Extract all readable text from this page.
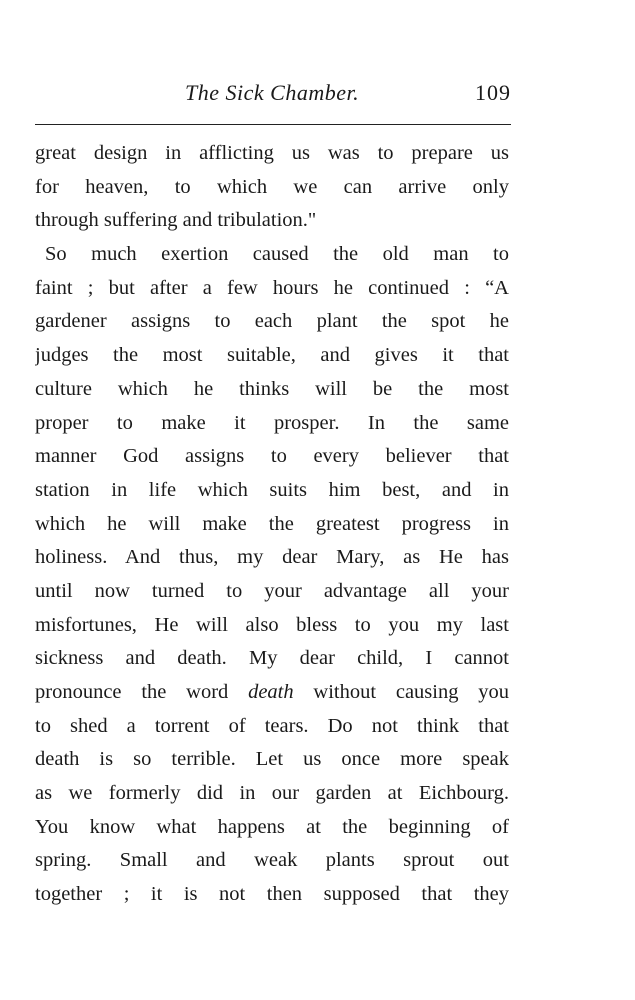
The Sick Chamber.	109
great design in afflicting us was to prepare us
for heaven, to which we can arrive only
through suffering and tribulation."
So much exertion caused the old man to
faint ; but after a few hours he continued : “A
gardener assigns to each plant the spot he
judges the most suitable, and gives it that
culture which he thinks will be the most
proper to make it prosper. In the same
manner God assigns to every believer that
station in life which suits him best, and in
which he will make the greatest progress in
holiness. And thus, my dear Mary, as He has
until now turned to your advantage all your
misfortunes, He will also bless to you my last
sickness and death. My dear child, I cannot
pronounce the word death without causing you
to shed a torrent of tears. Do not think that
death is so terrible. Let us once more speak
as we formerly did in our garden at Eichbourg.
You know what happens at the beginning of
spring. Small and weak plants sprout out
together ; it is not then supposed that they
